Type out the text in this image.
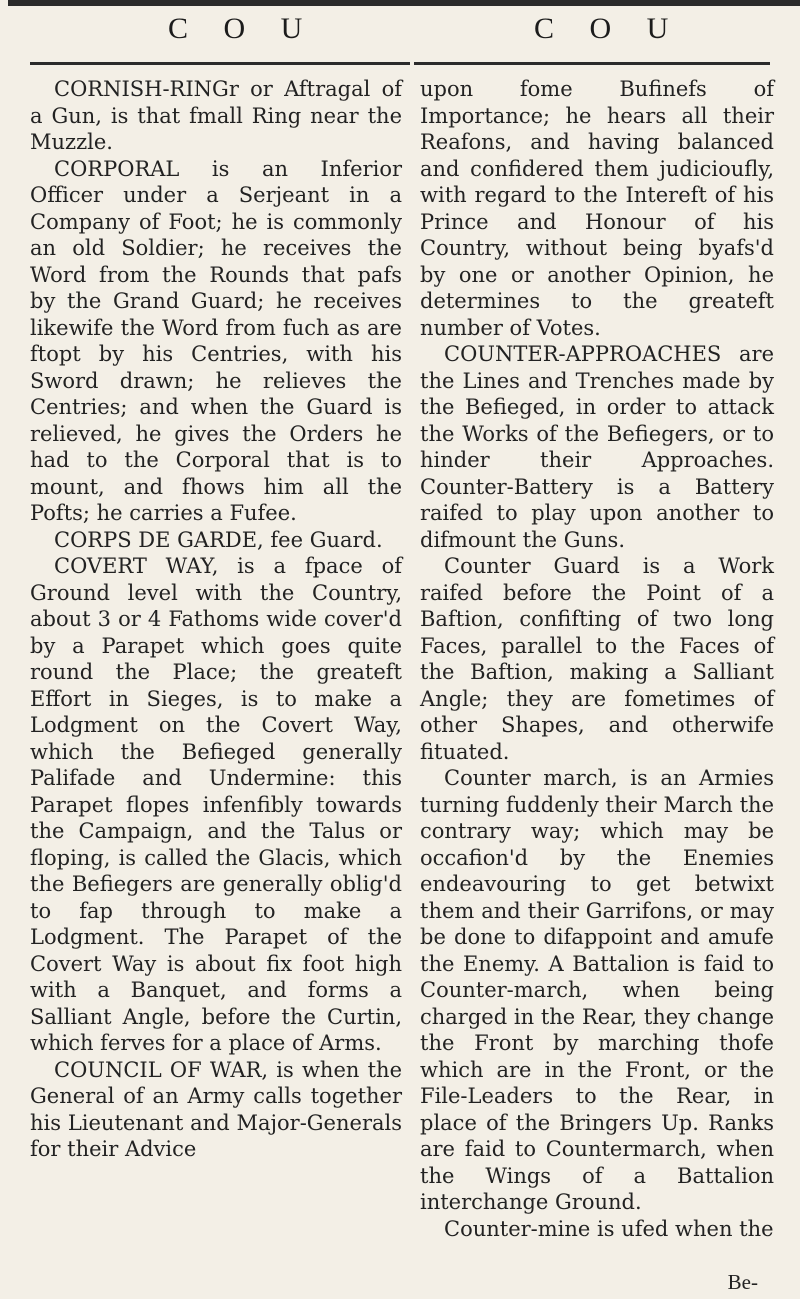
C O U	C O U

CORNISH-RINGr or Aftragal of a Gun, is that fmall Ring near the Muzzle.

CORPORAL is an Inferior Officer under a Serjeant in a Company of Foot; he is commonly an old Soldier; he receives the Word from the Rounds that pafs by the Grand Guard; he receives likewife the Word from fuch as are ftopt by his Centries, with his Sword drawn; he relieves the Centries; and when the Guard is relieved, he gives the Orders he had to the Corporal that is to mount, and fhows him all the Pofts; he carries a Fufee.

CORPS DE GARDE, fee Guard.

COVERT WAY, is a fpace of Ground level with the Country, about 3 or 4 Fathoms wide cover'd by a Parapet which goes quite round the Place; the greateft Effort in Sieges, is to make a Lodgment on the Covert Way, which the Befieged generally Palifade and Undermine: this Parapet flopes infenfibly towards the Campaign, and the Talus or floping, is called the Glacis, which the Befiegers are generally oblig'd to fap through to make a Lodgment. The Parapet of the Covert Way is about fix foot high with a Banquet, and forms a Salliant Angle, before the Curtin, which ferves for a place of Arms.

COUNCIL OF WAR, is when the General of an Army calls together his Lieutenant and Major-Generals for their Advice

upon fome Bufinefs of Importance; he hears all their Reafons, and having balanced and confidered them judicioufly, with regard to the Intereft of his Prince and Honour of his Country, without being byafs'd by one or another Opinion, he determines to the greateft number of Votes.

COUNTER-APPROACHES are the Lines and Trenches made by the Befieged, in order to attack the Works of the Befiegers, or to hinder their Approaches. Counter-Battery is a Battery raifed to play upon another to difmount the Guns.

Counter Guard is a Work raifed before the Point of a Baftion, confifting of two long Faces, parallel to the Faces of the Baftion, making a Salliant Angle; they are fometimes of other Shapes, and otherwife fituated.

Counter march, is an Armies turning fuddenly their March the contrary way; which may be occafion'd by the Enemies endeavouring to get betwixt them and their Garrifons, or may be done to difappoint and amufe the Enemy. A Battalion is faid to Counter-march, when being charged in the Rear, they change the Front by marching thofe which are in the Front, or the File-Leaders to the Rear, in place of the Bringers Up. Ranks are faid to Countermarch, when the Wings of a Battalion interchange Ground.

Counter-mine is ufed when the

Be-
